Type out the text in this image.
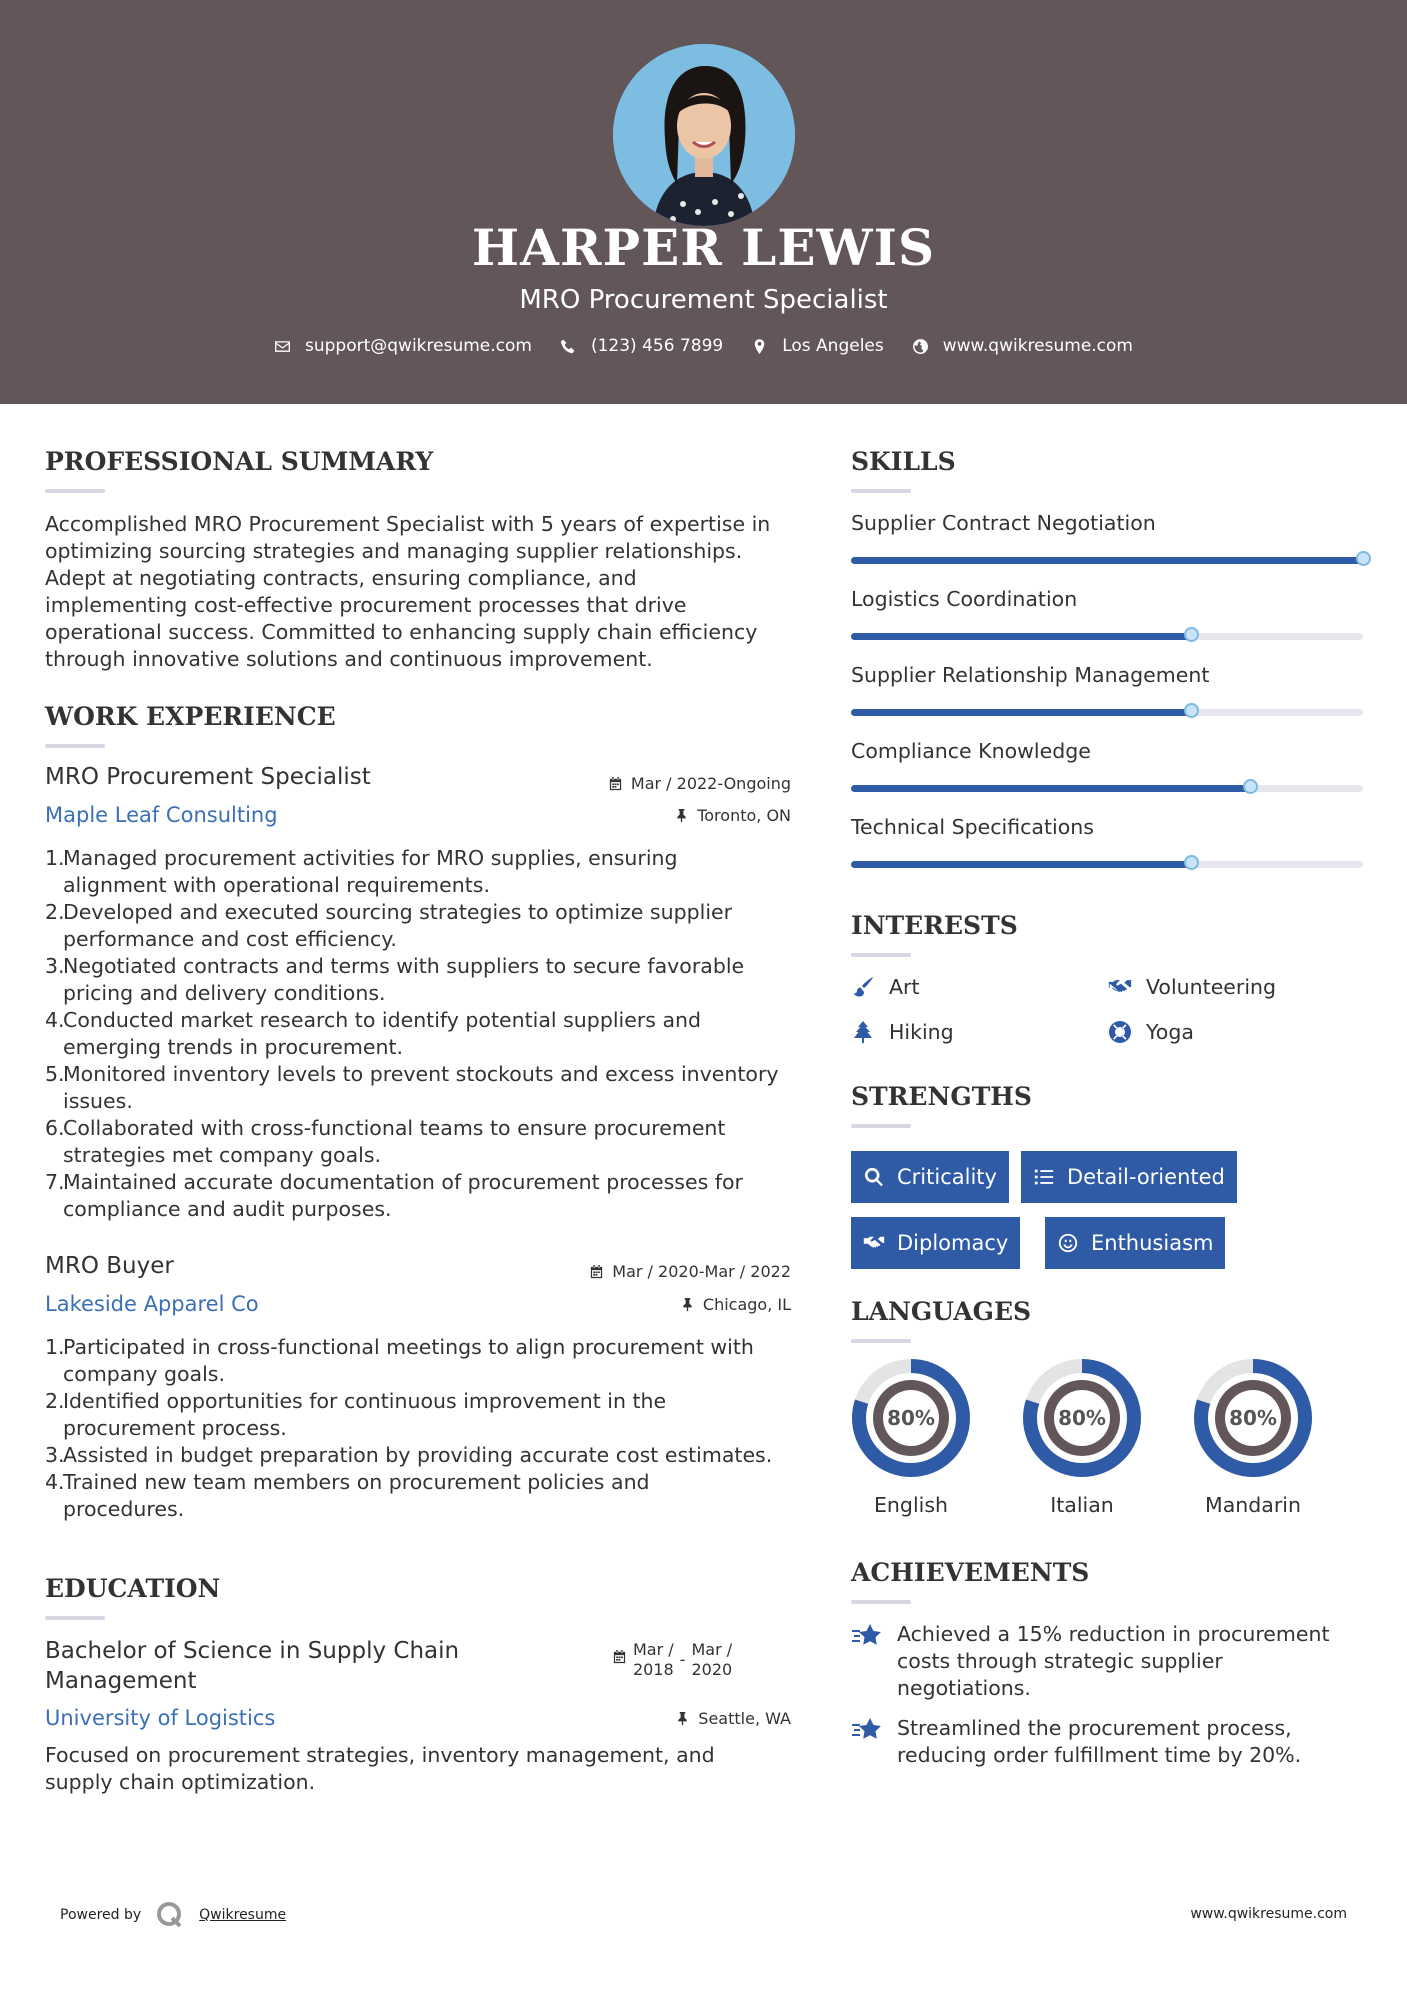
HARPER LEWIS
MRO Procurement Specialist
support@qwikresume.com	(123) 456 7899	Los Angeles	www.qwikresume.com
PROFESSIONAL SUMMARY
Accomplished MRO Procurement Specialist with 5 years of expertise in
optimizing sourcing strategies and managing supplier relationships.
Adept at negotiating contracts, ensuring compliance, and
implementing cost-effective procurement processes that drive
operational success. Committed to enhancing supply chain efficiency
through innovative solutions and continuous improvement.
WORK EXPERIENCE
MRO Procurement Specialist
Maple Leaf Consulting
Mar / 2022-Ongoing
Toronto, ON
1.
Managed procurement activities for MRO supplies, ensuring
alignment with operational requirements.
2.
Developed and executed sourcing strategies to optimize supplier
performance and cost efficiency.
3.
Negotiated contracts and terms with suppliers to secure favorable
pricing and delivery conditions.
4.
Conducted market research to identify potential suppliers and
emerging trends in procurement.
5.
Monitored inventory levels to prevent stockouts and excess inventory
issues.
6.
Collaborated with cross-functional teams to ensure procurement
strategies met company goals.
7.
Maintained accurate documentation of procurement processes for
compliance and audit purposes.
MRO Buyer
Lakeside Apparel Co
Mar / 2020-Mar / 2022
Chicago, IL
1.
Participated in cross-functional meetings to align procurement with
company goals.
2.
Identified opportunities for continuous improvement in the
procurement process.
3.
Assisted in budget preparation by providing accurate cost estimates.
4.
Trained new team members on procurement policies and
procedures.
EDUCATION
Bachelor of Science in Supply Chain
Management
University of Logistics
Mar /
2018
-
Mar /
2020
Seattle, WA
Focused on procurement strategies, inventory management, and
supply chain optimization.
SKILLS
Supplier Contract Negotiation
Logistics Coordination
Supplier Relationship Management
Compliance Knowledge
Technical Specifications
INTERESTS
Art	Volunteering
Hiking	Yoga
STRENGTHS
Criticality	Detail-oriented
Diplomacy	Enthusiasm
LANGUAGES
80%
English
80%
Italian
80%
Mandarin
ACHIEVEMENTS
Achieved a 15% reduction in procurement
costs through strategic supplier
negotiations.
Streamlined the procurement process,
reducing order fulfillment time by 20%.
Powered by	Qwikresume	www.qwikresume.com
